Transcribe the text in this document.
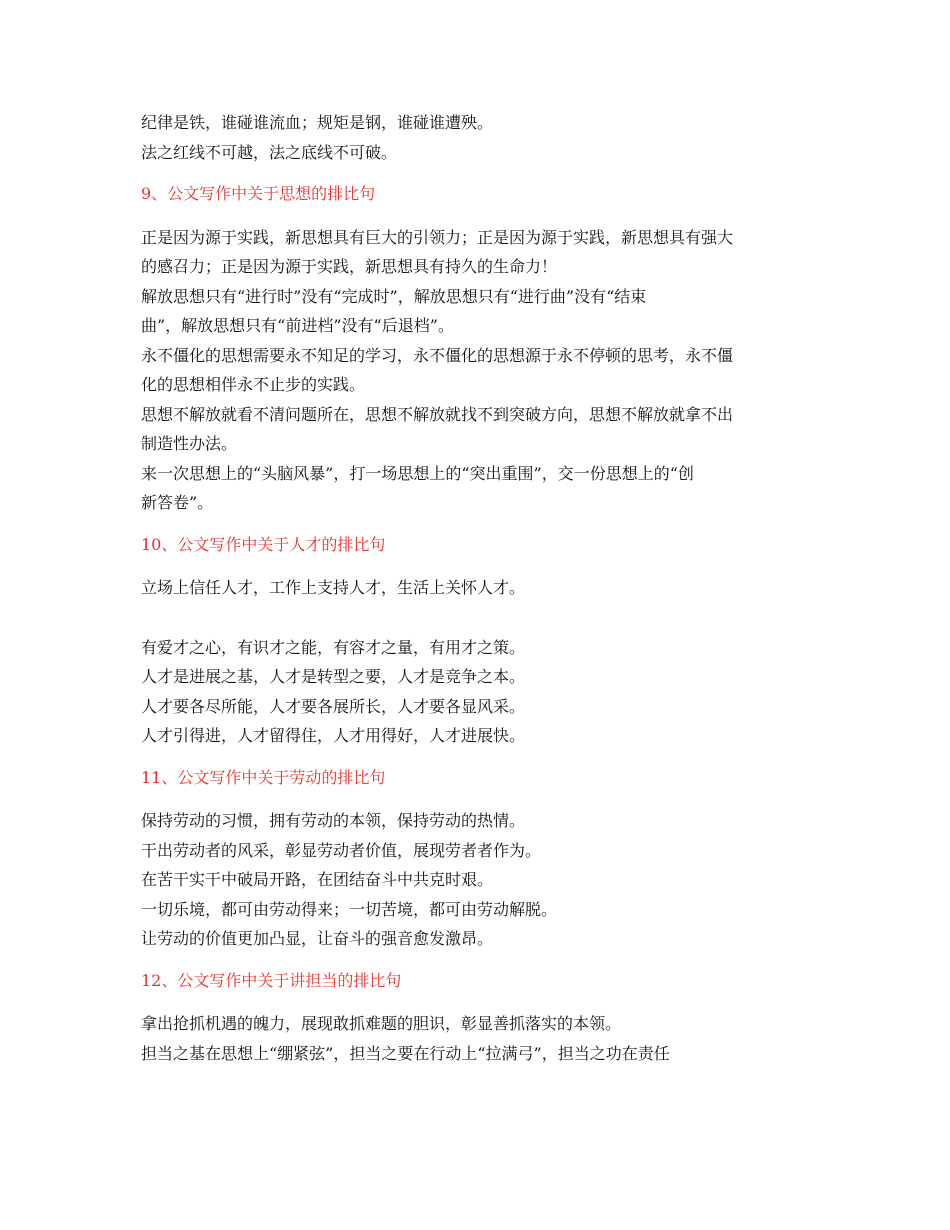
纪律是铁，谁碰谁流血；规矩是钢，谁碰谁遭殃。

法之红线不可越，法之底线不可破。

9、公文写作中关于思想的排比句

正是因为源于实践，新思想具有巨大的引领力；正是因为源于实践，新思想具有强大

的感召力；正是因为源于实践，新思想具有持久的生命力！

解放思想只有“进行时”没有“完成时”，解放思想只有“进行曲”没有“结束

曲”，解放思想只有“前进档”没有“后退档”。

永不僵化的思想需要永不知足的学习，永不僵化的思想源于永不停顿的思考，永不僵

化的思想相伴永不止步的实践。

思想不解放就看不清问题所在，思想不解放就找不到突破方向，思想不解放就拿不出

制造性办法。

来一次思想上的“头脑风暴”，打一场思想上的“突出重围”，交一份思想上的“创

新答卷”。

10、公文写作中关于人才的排比句

立场上信任人才，工作上支持人才，生活上关怀人才。

有爱才之心，有识才之能，有容才之量，有用才之策。

人才是进展之基，人才是转型之要，人才是竞争之本。

人才要各尽所能，人才要各展所长，人才要各显风采。

人才引得进，人才留得住，人才用得好，人才进展快。

11、公文写作中关于劳动的排比句

保持劳动的习惯，拥有劳动的本领，保持劳动的热情。

干出劳动者的风采，彰显劳动者价值，展现劳者者作为。

在苦干实干中破局开路，在团结奋斗中共克时艰。

一切乐境，都可由劳动得来；一切苦境，都可由劳动解脱。

让劳动的价值更加凸显，让奋斗的强音愈发激昂。

12、公文写作中关于讲担当的排比句

拿出抢抓机遇的魄力，展现敢抓难题的胆识，彰显善抓落实的本领。

担当之基在思想上“绷紧弦”，担当之要在行动上“拉满弓”，担当之功在责任
